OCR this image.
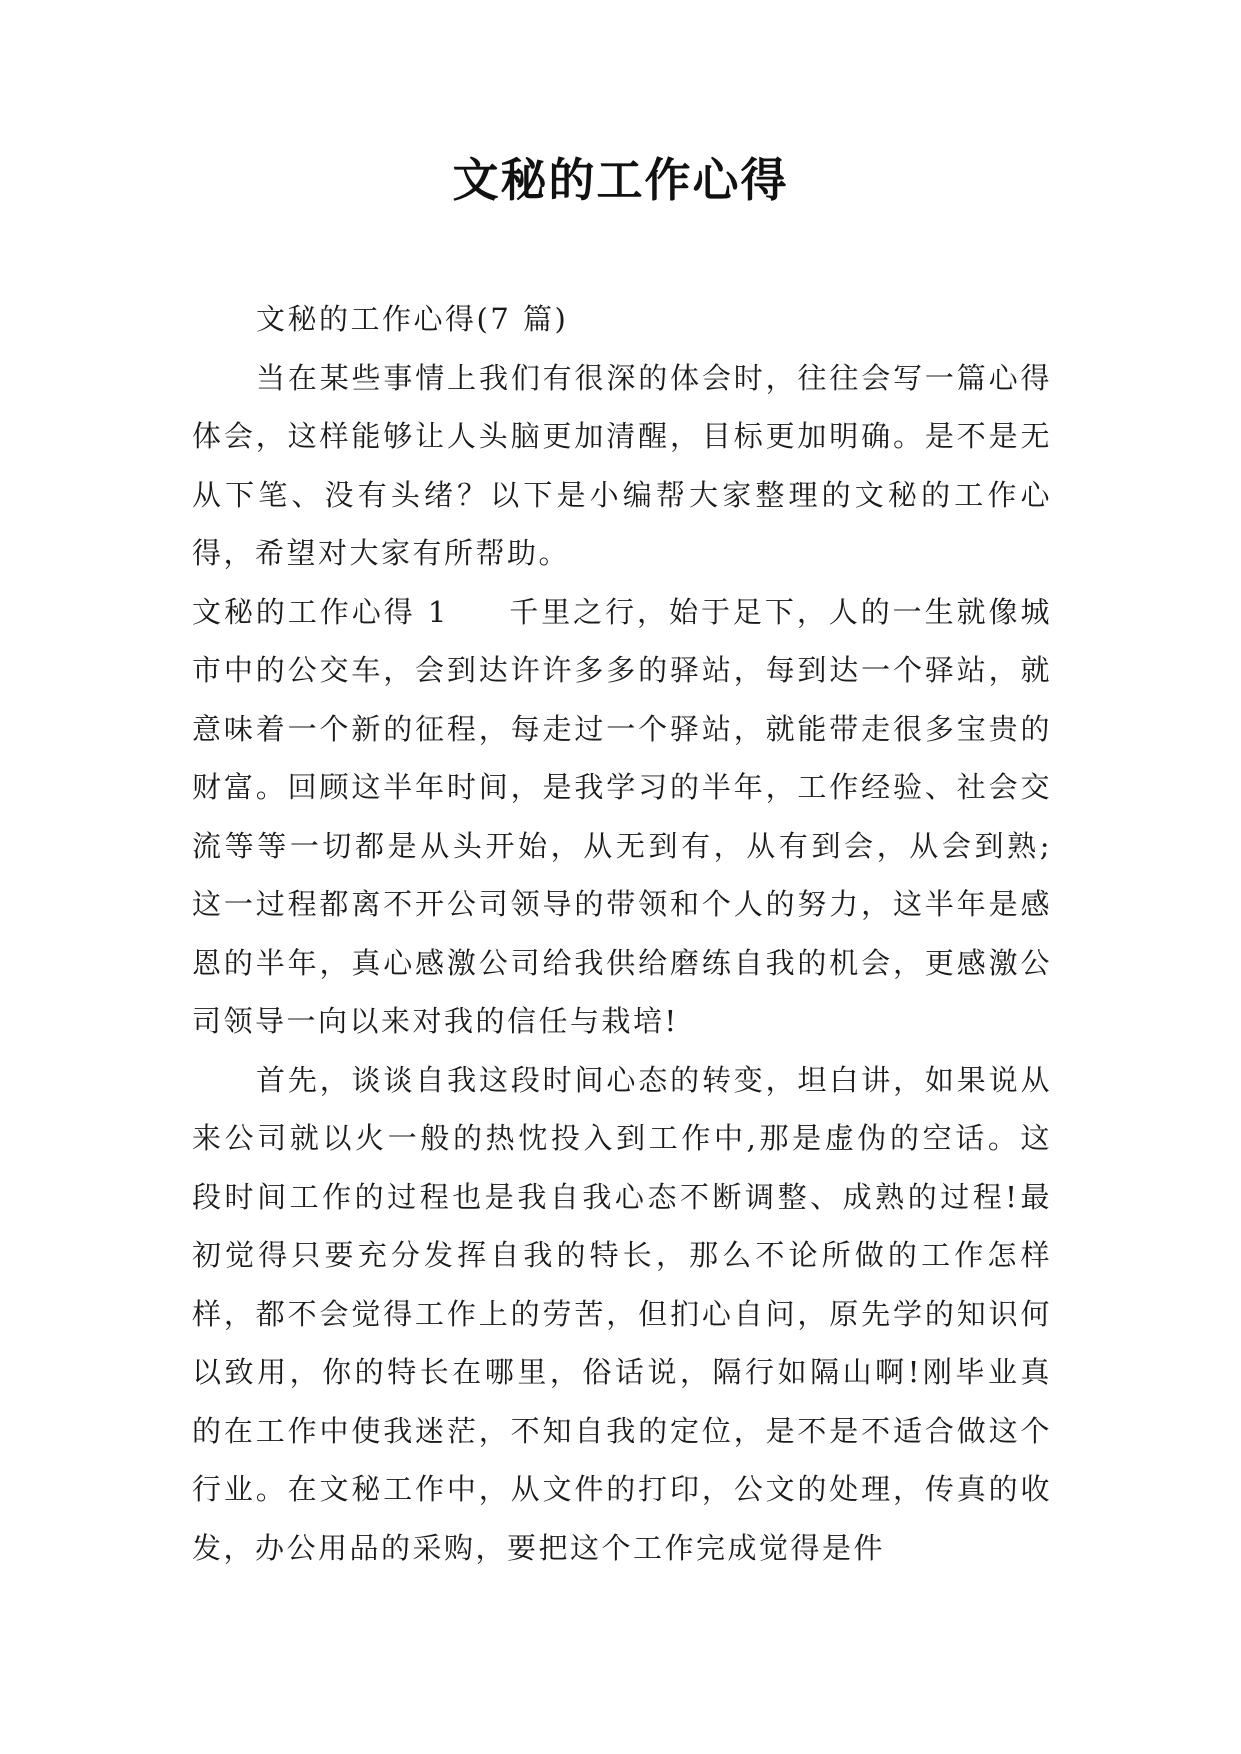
文秘的工作心得

文秘的工作心得(7 篇)

当在某些事情上我们有很深的体会时，往往会写一篇心得体会，这样能够让人头脑更加清醒，目标更加明确。是不是无从下笔、没有头绪？以下是小编帮大家整理的文秘的工作心得，希望对大家有所帮助。

文秘的工作心得 1 千里之行，始于足下，人的一生就像城市中的公交车，会到达许许多多的驿站，每到达一个驿站，就意味着一个新的征程，每走过一个驿站，就能带走很多宝贵的财富。回顾这半年时间，是我学习的半年，工作经验、社会交流等等一切都是从头开始，从无到有，从有到会，从会到熟;这一过程都离不开公司领导的带领和个人的努力，这半年是感恩的半年，真心感激公司给我供给磨练自我的机会，更感激公司领导一向以来对我的信任与栽培!

首先，谈谈自我这段时间心态的转变，坦白讲，如果说从来公司就以火一般的热忱投入到工作中,那是虚伪的空话。这段时间工作的过程也是我自我心态不断调整、成熟的过程!最初觉得只要充分发挥自我的特长，那么不论所做的工作怎样样，都不会觉得工作上的劳苦，但扪心自问，原先学的知识何以致用，你的特长在哪里，俗话说，隔行如隔山啊!刚毕业真的在工作中使我迷茫，不知自我的定位，是不是不适合做这个行业。在文秘工作中，从文件的打印，公文的处理，传真的收发，办公用品的采购，要把这个工作完成觉得是件
